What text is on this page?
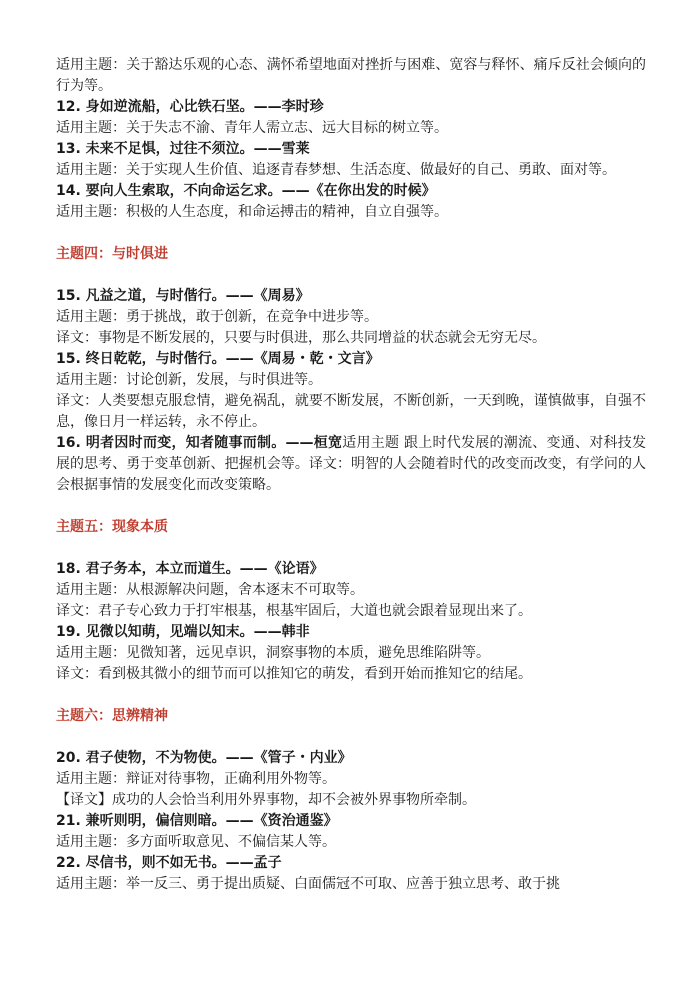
适用主题：关于豁达乐观的心态、满怀希望地面对挫折与困难、宽容与释怀、痛斥反社会倾向的行为等。
12. 身如逆流船，心比铁石坚。——李时珍
适用主题：关于失志不渝、青年人需立志、远大目标的树立等。
13. 未来不足惧，过往不须泣。——雪莱
适用主题：关于实现人生价值、追逐青春梦想、生活态度、做最好的自己、勇敢、面对等。
14. 要向人生索取，不向命运乞求。——《在你出发的时候》
适用主题：积极的人生态度，和命运搏击的精神，自立自强等。
主题四：与时俱进
15. 凡益之道，与时偕行。——《周易》
适用主题：勇于挑战，敢于创新，在竞争中进步等。
译文：事物是不断发展的，只要与时俱进，那么共同增益的状态就会无穷无尽。
15. 终日乾乾，与时偕行。——《周易・乾・文言》
适用主题：讨论创新，发展，与时俱进等。
译文：人类要想克服怠情，避免祸乱，就要不断发展，不断创新，一天到晚，谨慎做事，自强不息，像日月一样运转，永不停止。
16. 明者因时而变，知者随事而制。——桓宽适用主题 跟上时代发展的潮流、变通、对科技发展的思考、勇于变革创新、把握机会等。译文：明智的人会随着时代的改变而改变，有学问的人会根据事情的发展变化而改变策略。
主题五：现象本质
18. 君子务本，本立而道生。——《论语》
适用主题：从根源解决问题，舍本逐末不可取等。
译文：君子专心致力于打牢根基，根基牢固后，大道也就会跟着显现出来了。
19. 见微以知萌，见端以知末。——韩非
适用主题：见微知著，远见卓识，洞察事物的本质，避免思维陷阱等。
译文：看到极其微小的细节而可以推知它的萌发，看到开始而推知它的结尾。
主题六：思辨精神
20. 君子使物，不为物使。——《管子・内业》
适用主题：辩证对待事物，正确利用外物等。
【译文】成功的人会恰当利用外界事物，却不会被外界事物所牵制。
21. 兼听则明，偏信则暗。——《资治通鉴》
适用主题：多方面听取意见、不偏信某人等。
22. 尽信书，则不如无书。——孟子
适用主题：举一反三、勇于提出质疑、白面儒冠不可取、应善于独立思考、敢于挑
